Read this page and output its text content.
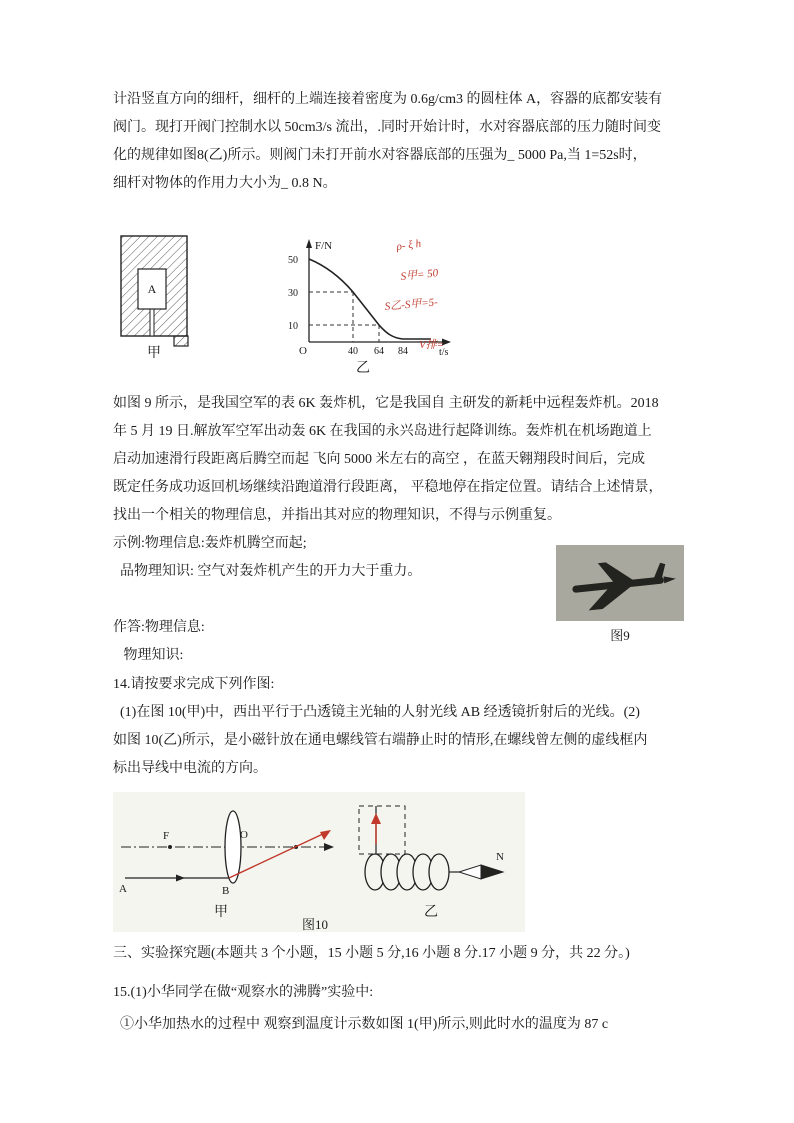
计沿竖直方向的细杆，细杆的上端连接着密度为 0.6g/cm3 的圆柱体 A，容器的底都安装有
阀门。现打开阀门控制水以 50cm3/s 流出，.同时开始计时，水对容器底部的压力随时间变
化的规律如图8(乙)所示。则阀门未打开前水对容器底部的压强为_ 5000 Pa,当 1=52s时，
细杆对物体的作用力大小为_ 0.8 N。
A
甲
F/N
t/s
O
50
30
10
40 64 84
ρ- ξ h
S甲= 50
S乙-S甲=5-
V排=
乙
如图 9 所示，是我国空军的表 6K 轰炸机，它是我国自 主研发的新耗中远程轰炸机。2018
年 5 月 19 日.解放军空军出动轰 6K 在我国的永兴岛进行起降训练。轰炸机在机场跑道上
启动加速滑行段距离后腾空而起 飞向 5000 米左右的高空 ，在蓝天翱翔段时间后，完成
既定任务成功返回机场继续沿跑道滑行段距离， 平稳地停在指定位置。请结合上述情景，
找出一个相关的物理信息，并指出其对应的物理知识，不得与示例重复。
示例:物理信息:轰炸机腾空而起;
品物理知识: 空气对轰炸机产生的开力大于重力。
作答:物理信息:
物理知识:
图9
14.请按要求完成下列作图:
(1)在图 10(甲)中，西出平行于凸透镜主光轴的人射光线 AB 经透镜折射后的光线。(2)
如图 10(乙)所示，是小磁针放在通电螺线管右端静止时的情形,在螺线曾左侧的虚线框内
标出导线中电流的方向。
F	O
A	B
甲
N
乙
图10
三、实验探究题(本题共 3 个小题，15 小题 5 分,16 小题 8 分.17 小题 9 分，共 22 分。)
15.(1)小华同学在做“观察水的沸腾”实验中:
①小华加热水的过程中 观察到温度计示数如图 1(甲)所示,则此时水的温度为 87 c
